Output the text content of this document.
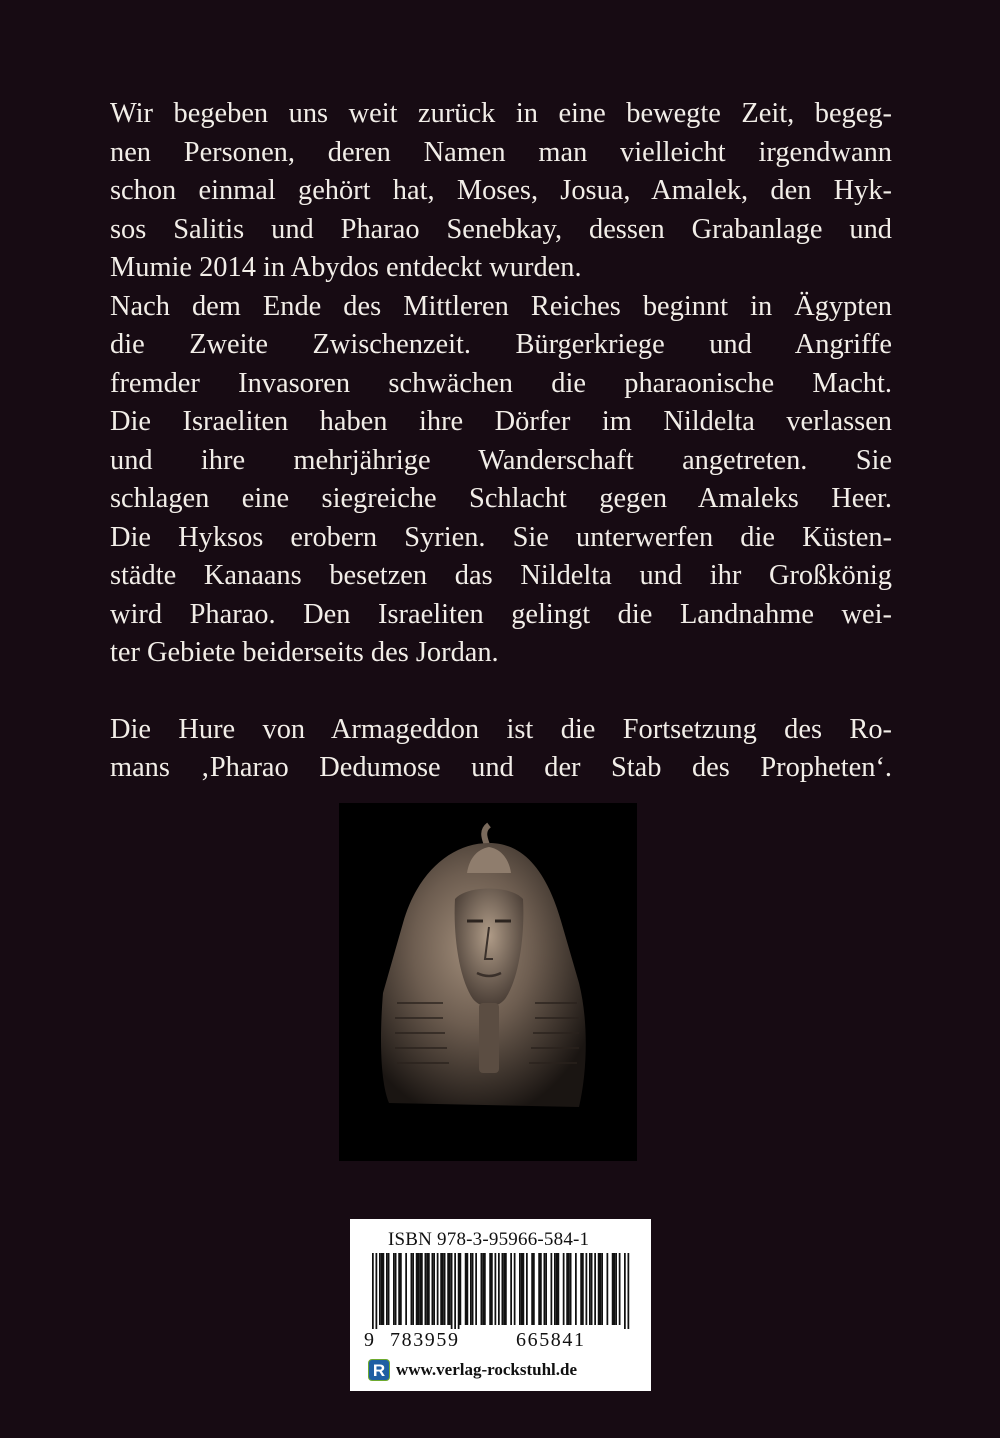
Wir begeben uns weit zurück in eine bewegte Zeit, begeg-
nen Personen, deren Namen man vielleicht irgendwann
schon einmal gehört hat, Moses, Josua, Amalek, den Hyk-
sos Salitis und Pharao Senebkay, dessen Grabanlage und
Mumie 2014 in Abydos entdeckt wurden.
Nach dem Ende des Mittleren Reiches beginnt in Ägypten
die Zweite Zwischenzeit. Bürgerkriege und Angriffe
fremder Invasoren schwächen die pharaonische Macht.
Die Israeliten haben ihre Dörfer im Nildelta verlassen
und ihre mehrjährige Wanderschaft angetreten. Sie
schlagen eine siegreiche Schlacht gegen Amaleks Heer.
Die Hyksos erobern Syrien. Sie unterwerfen die Küsten-
städte Kanaans besetzen das Nildelta und ihr Großkönig
wird Pharao. Den Israeliten gelingt die Landnahme wei-
ter Gebiete beiderseits des Jordan.
Die Hure von Armageddon ist die Fortsetzung des Ro-
mans ‚Pharao Dedumose und der Stab des Propheten‘.
ISBN 978-3-95966-584-1
9 783959	665841
R www.verlag-rockstuhl.de
